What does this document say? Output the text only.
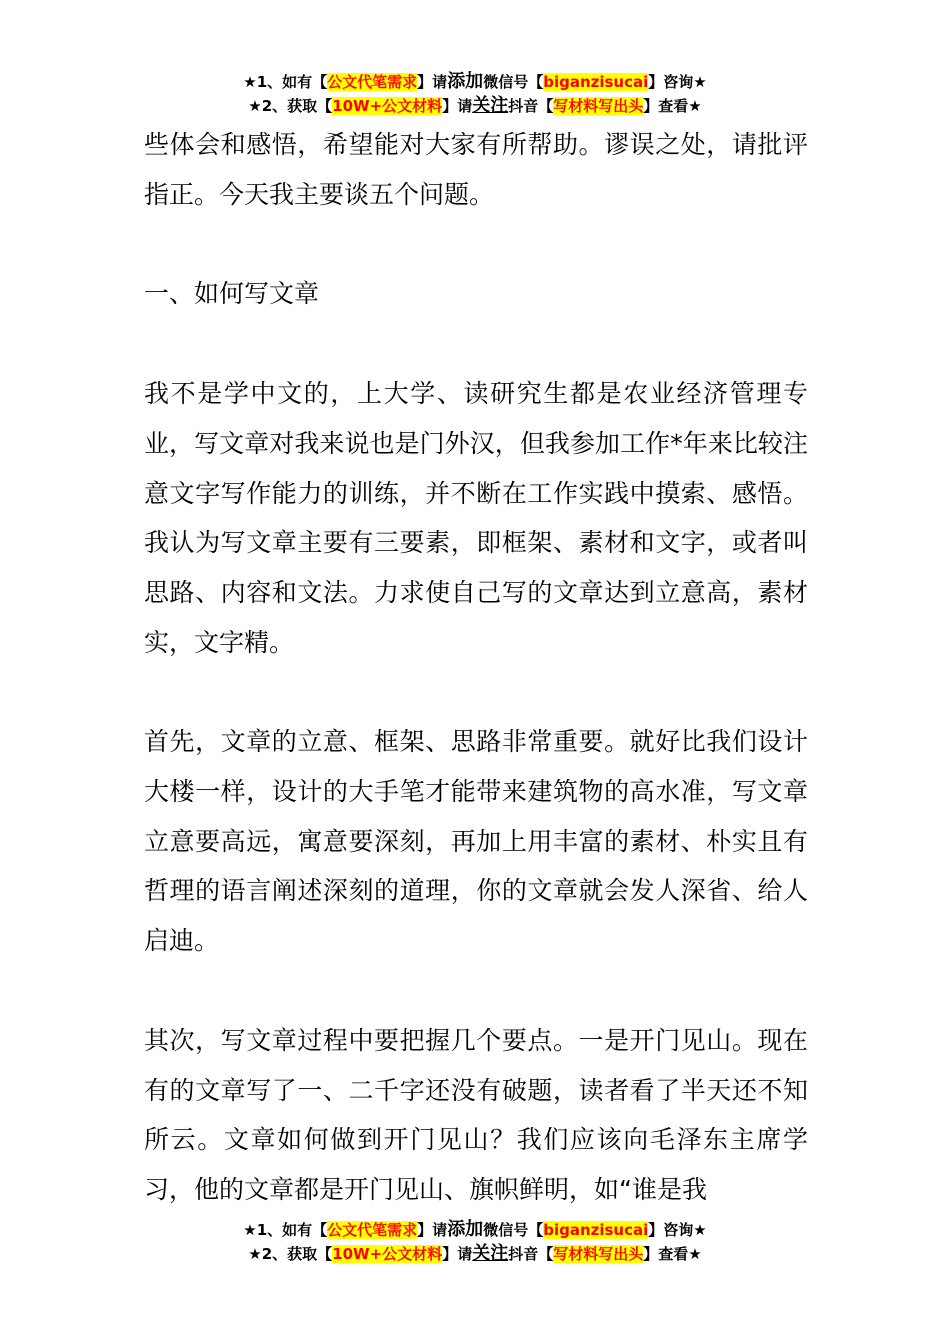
★1、如有【公文代笔需求】请添加微信号【biganzisucai】咨询★
★2、获取【10W+公文材料】请关注抖音【写材料写出头】查看★

些体会和感悟，希望能对大家有所帮助。谬误之处，请批评指正。今天我主要谈五个问题。

一、如何写文章

我不是学中文的，上大学、读研究生都是农业经济管理专业，写文章对我来说也是门外汉，但我参加工作*年来比较注意文字写作能力的训练，并不断在工作实践中摸索、感悟。我认为写文章主要有三要素，即框架、素材和文字，或者叫思路、内容和文法。力求使自己写的文章达到立意高，素材实，文字精。

首先，文章的立意、框架、思路非常重要。就好比我们设计大楼一样，设计的大手笔才能带来建筑物的高水准，写文章立意要高远，寓意要深刻，再加上用丰富的素材、朴实且有哲理的语言阐述深刻的道理，你的文章就会发人深省、给人启迪。

其次，写文章过程中要把握几个要点。一是开门见山。现在有的文章写了一、二千字还没有破题，读者看了半天还不知所云。文章如何做到开门见山？我们应该向毛泽东主席学习，他的文章都是开门见山、旗帜鲜明，如“谁是我

★1、如有【公文代笔需求】请添加微信号【biganzisucai】咨询★
★2、获取【10W+公文材料】请关注抖音【写材料写出头】查看★
